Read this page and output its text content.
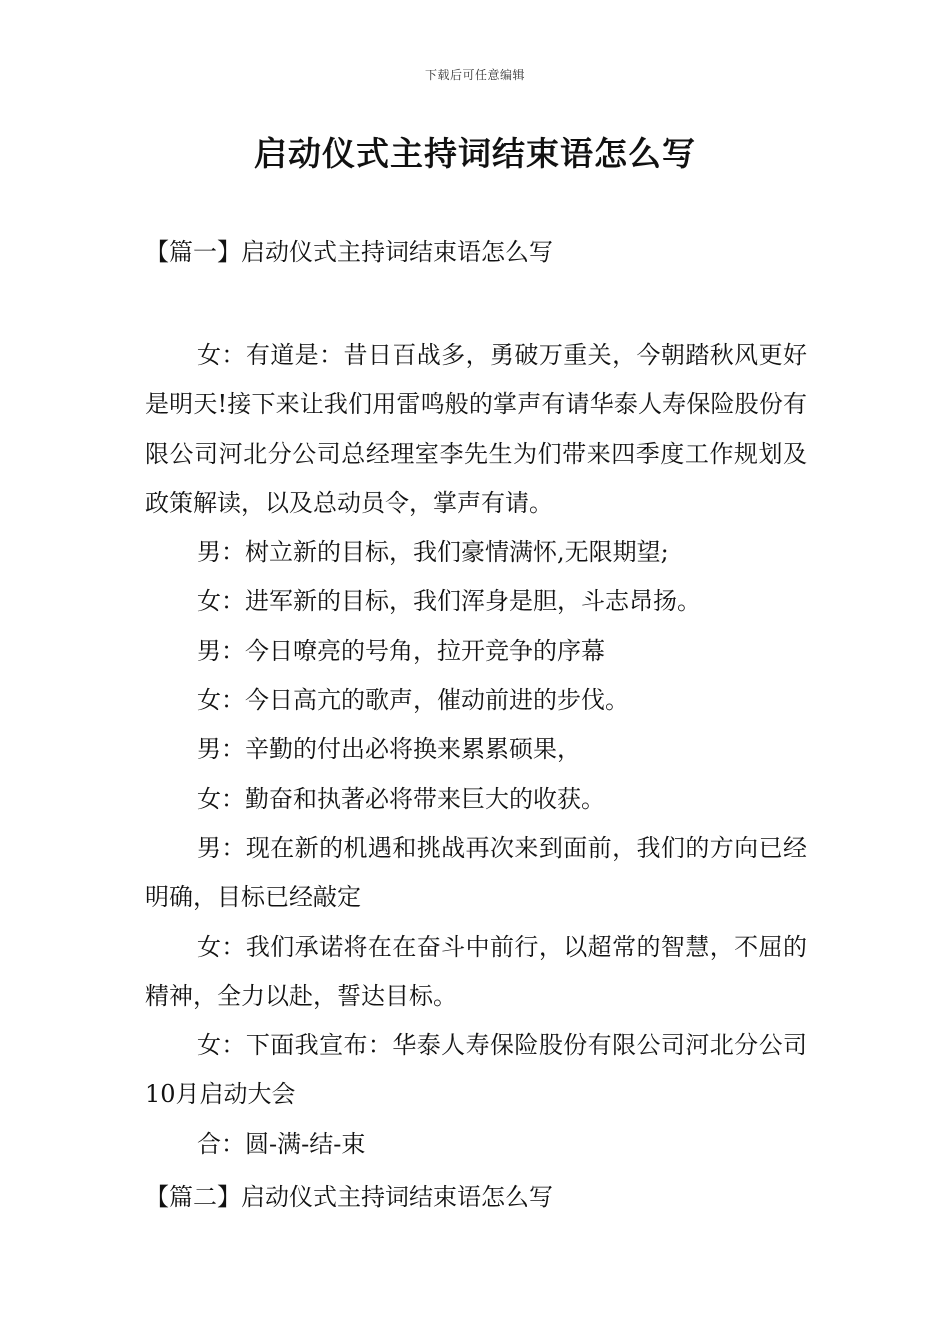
下载后可任意编辑
启动仪式主持词结束语怎么写
【篇一】启动仪式主持词结束语怎么写

女：有道是：昔日百战多，勇破万重关，今朝踏秋风更好是明天!接下来让我们用雷鸣般的掌声有请华泰人寿保险股份有限公司河北分公司总经理室李先生为们带来四季度工作规划及政策解读，以及总动员令，掌声有请。

男：树立新的目标，我们豪情满怀,无限期望;

女：进军新的目标，我们浑身是胆，斗志昂扬。

男：今日嘹亮的号角，拉开竞争的序幕

女：今日高亢的歌声，催动前进的步伐。

男：辛勤的付出必将换来累累硕果，

女：勤奋和执著必将带来巨大的收获。

男：现在新的机遇和挑战再次来到面前，我们的方向已经明确，目标已经敲定

女：我们承诺将在在奋斗中前行，以超常的智慧，不屈的精神，全力以赴，誓达目标。

女：下面我宣布：华泰人寿保险股份有限公司河北分公司10月启动大会

合：圆-满-结-束

【篇二】启动仪式主持词结束语怎么写
